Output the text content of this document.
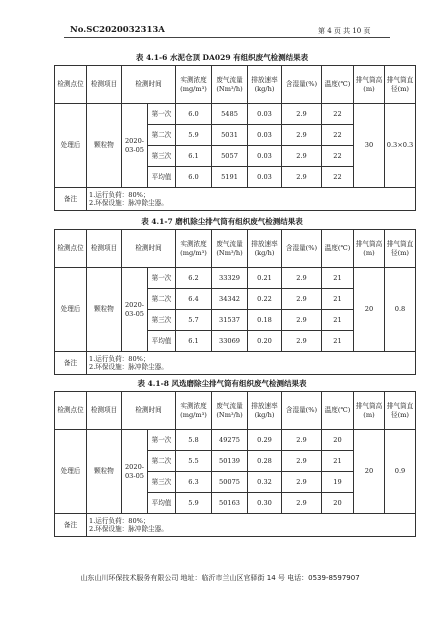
No.SC2020032313A	第 4 页 共 10 页
表 4.1-6 水泥仓顶 DA029 有组织废气检测结果表
检测点位	检测项目	检测时间		实测浓度(mg/m³)	废气流量(Nm³/h)	排放速率(kg/h)	含湿量(%)	温度(℃)	排气筒高(m)	排气筒直径(m)
处理后	颗粒物	2020-03-05	第一次	6.0	5485	0.03	2.9	22	30	0.3×0.3
			第二次	5.9	5031	0.03	2.9	22		
			第三次	6.1	5057	0.03	2.9	22		
			平均值	6.0	5191	0.03	2.9	22		
备注	1.运行负荷：80%；
2.环保设施：脉冲除尘器。									
表 4.1-7 磨机除尘排气筒有组织废气检测结果表
检测点位	检测项目	检测时间		实测浓度(mg/m³)	废气流量(Nm³/h)	排放速率(kg/h)	含湿量(%)	温度(℃)	排气筒高(m)	排气筒直径(m)
处理后	颗粒物	2020-03-05	第一次	6.2	33329	0.21	2.9	21	20	0.8
			第二次	6.4	34342	0.22	2.9	21		
			第三次	5.7	31537	0.18	2.9	21		
			平均值	6.1	33069	0.20	2.9	21		
备注	1.运行负荷：80%；
2.环保设施：脉冲除尘器。									
表 4.1-8 风选磨除尘排气筒有组织废气检测结果表
检测点位	检测项目	检测时间		实测浓度(mg/m³)	废气流量(Nm³/h)	排放速率(kg/h)	含湿量(%)	温度(℃)	排气筒高(m)	排气筒直径(m)
处理后	颗粒物	2020-03-05	第一次	5.8	49275	0.29	2.9	20	20	0.9
			第二次	5.5	50139	0.28	2.9	21		
			第三次	6.3	50075	0.32	2.9	19		
			平均值	5.9	50163	0.30	2.9	20		
备注	1.运行负荷：80%；
2.环保设施：脉冲除尘器。									
山东山川环保技术服务有限公司 地址：临沂市兰山区官驿街 14 号 电话：0539-8597907
